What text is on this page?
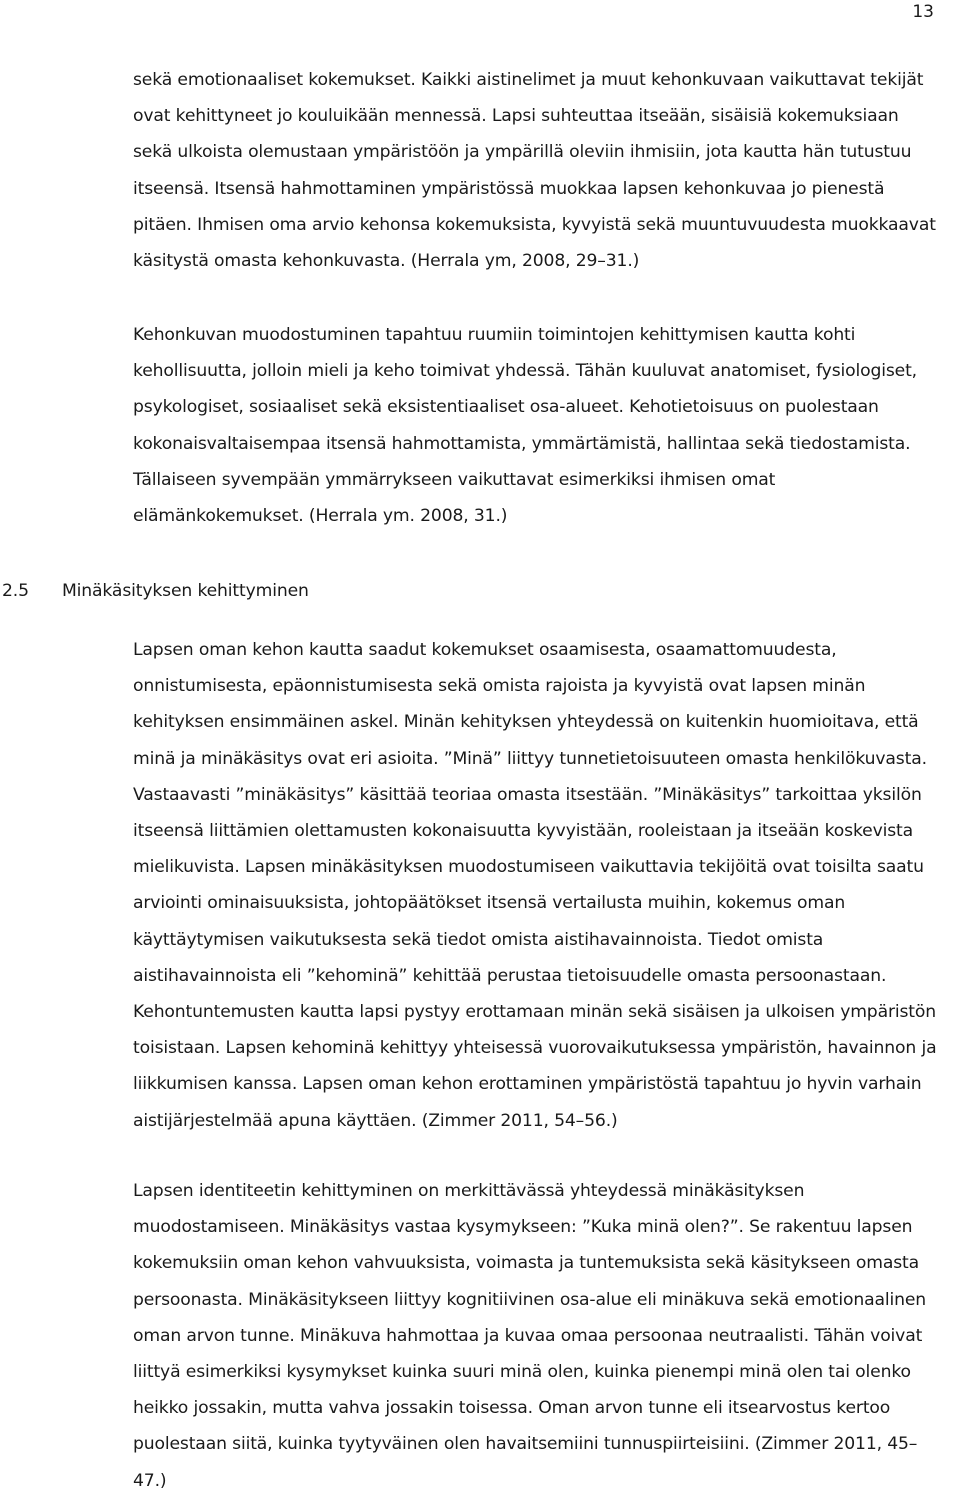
13
sekä emotionaaliset kokemukset. Kaikki aistinelimet ja muut kehonkuvaan vaikuttavat tekijät
ovat kehittyneet jo kouluikään mennessä. Lapsi suhteuttaa itseään, sisäisiä kokemuksiaan
sekä ulkoista olemustaan ympäristöön ja ympärillä oleviin ihmisiin, jota kautta hän tutustuu
itseensä. Itsensä hahmottaminen ympäristössä muokkaa lapsen kehonkuvaa jo pienestä
pitäen. Ihmisen oma arvio kehonsa kokemuksista, kyvyistä sekä muuntuvuudesta muokkaavat
käsitystä omasta kehonkuvasta. (Herrala ym, 2008, 29–31.)
Kehonkuvan muodostuminen tapahtuu ruumiin toimintojen kehittymisen kautta kohti
kehollisuutta, jolloin mieli ja keho toimivat yhdessä. Tähän kuuluvat anatomiset, fysiologiset,
psykologiset, sosiaaliset sekä eksistentiaaliset osa-alueet. Kehotietoisuus on puolestaan
kokonaisvaltaisempaa itsensä hahmottamista, ymmärtämistä, hallintaa sekä tiedostamista.
Tällaiseen syvempään ymmärrykseen vaikuttavat esimerkiksi ihmisen omat
elämänkokemukset. (Herrala ym. 2008, 31.)
2.5 Minäkäsityksen kehittyminen
Lapsen oman kehon kautta saadut kokemukset osaamisesta, osaamattomuudesta,
onnistumisesta, epäonnistumisesta sekä omista rajoista ja kyvyistä ovat lapsen minän
kehityksen ensimmäinen askel. Minän kehityksen yhteydessä on kuitenkin huomioitava, että
minä ja minäkäsitys ovat eri asioita. ”Minä” liittyy tunnetietoisuuteen omasta henkilökuvasta.
Vastaavasti ”minäkäsitys” käsittää teoriaa omasta itsestään. ”Minäkäsitys” tarkoittaa yksilön
itseensä liittämien olettamusten kokonaisuutta kyvyistään, rooleistaan ja itseään koskevista
mielikuvista. Lapsen minäkäsityksen muodostumiseen vaikuttavia tekijöitä ovat toisilta saatu
arviointi ominaisuuksista, johtopäätökset itsensä vertailusta muihin, kokemus oman
käyttäytymisen vaikutuksesta sekä tiedot omista aistihavainnoista. Tiedot omista
aistihavainnoista eli ”kehominä” kehittää perustaa tietoisuudelle omasta persoonastaan.
Kehontuntemusten kautta lapsi pystyy erottamaan minän sekä sisäisen ja ulkoisen ympäristön
toisistaan. Lapsen kehominä kehittyy yhteisessä vuorovaikutuksessa ympäristön, havainnon ja
liikkumisen kanssa. Lapsen oman kehon erottaminen ympäristöstä tapahtuu jo hyvin varhain
aistijärjestelmää apuna käyttäen. (Zimmer 2011, 54–56.)
Lapsen identiteetin kehittyminen on merkittävässä yhteydessä minäkäsityksen
muodostamiseen. Minäkäsitys vastaa kysymykseen: ”Kuka minä olen?”. Se rakentuu lapsen
kokemuksiin oman kehon vahvuuksista, voimasta ja tuntemuksista sekä käsitykseen omasta
persoonasta. Minäkäsitykseen liittyy kognitiivinen osa-alue eli minäkuva sekä emotionaalinen
oman arvon tunne. Minäkuva hahmottaa ja kuvaa omaa persoonaa neutraalisti. Tähän voivat
liittyä esimerkiksi kysymykset kuinka suuri minä olen, kuinka pienempi minä olen tai olenko
heikko jossakin, mutta vahva jossakin toisessa. Oman arvon tunne eli itsearvostus kertoo
puolestaan siitä, kuinka tyytyväinen olen havaitsemiini tunnuspiirteisiini. (Zimmer 2011, 45–
47.)
